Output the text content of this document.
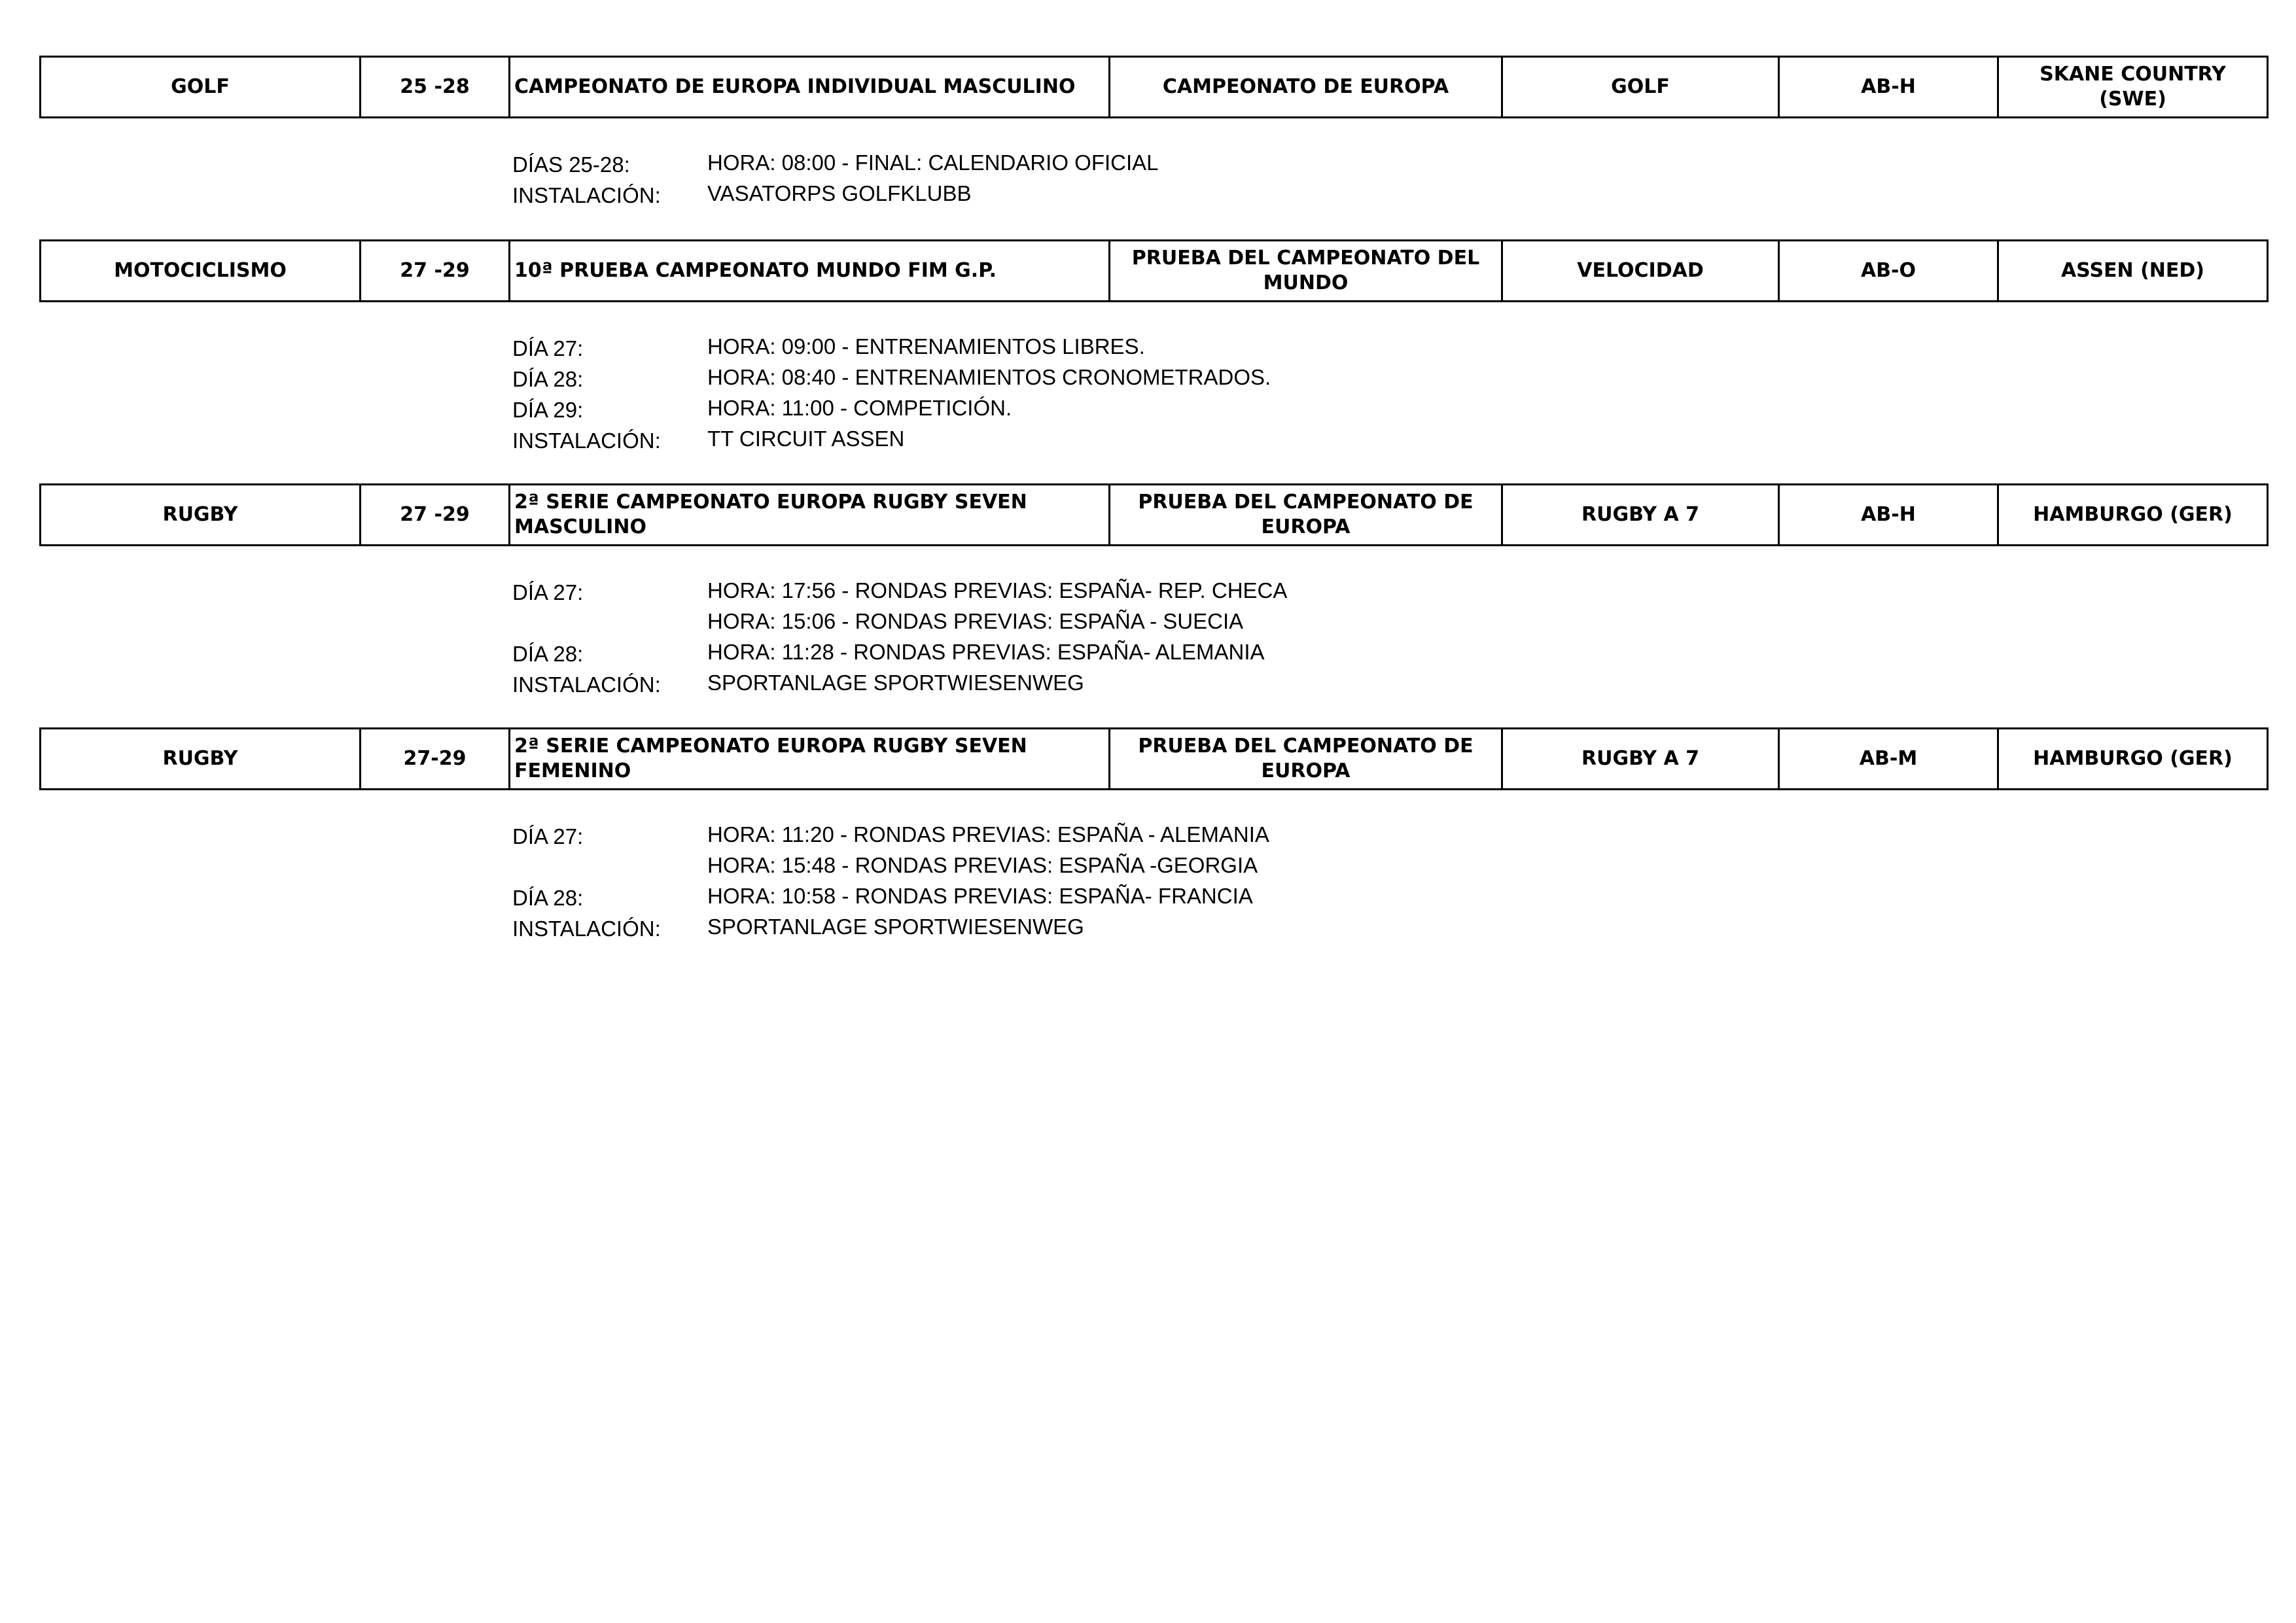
GOLF	25 -28	CAMPEONATO DE EUROPA INDIVIDUAL MASCULINO	CAMPEONATO DE EUROPA	GOLF	AB-H	SKANE COUNTRY (SWE)
DÍAS 25-28:	HORA: 08:00 - FINAL: CALENDARIO OFICIAL
INSTALACIÓN: VASATORPS GOLFKLUBB
MOTOCICLISMO	27 -29	10ª PRUEBA CAMPEONATO MUNDO FIM G.P.	PRUEBA DEL CAMPEONATO DEL MUNDO	VELOCIDAD	AB-O	ASSEN (NED)
DÍA 27:	HORA: 09:00 - ENTRENAMIENTOS LIBRES.
DÍA 28:	HORA: 08:40 - ENTRENAMIENTOS CRONOMETRADOS.
DÍA 29:	HORA: 11:00 - COMPETICIÓN.
INSTALACIÓN: TT CIRCUIT ASSEN
RUGBY	27 -29	2ª SERIE CAMPEONATO EUROPA RUGBY SEVEN MASCULINO	PRUEBA DEL CAMPEONATO DE EUROPA	RUGBY A 7	AB-H	HAMBURGO (GER)
DÍA 27:	HORA: 17:56 - RONDAS PREVIAS: ESPAÑA- REP. CHECA
HORA: 15:06 - RONDAS PREVIAS: ESPAÑA - SUECIA
DÍA 28:	HORA: 11:28 - RONDAS PREVIAS: ESPAÑA- ALEMANIA
INSTALACIÓN: SPORTANLAGE SPORTWIESENWEG
RUGBY	27-29	2ª SERIE CAMPEONATO EUROPA RUGBY SEVEN FEMENINO	PRUEBA DEL CAMPEONATO DE EUROPA	RUGBY A 7	AB-M	HAMBURGO (GER)
DÍA 27:	HORA: 11:20 - RONDAS PREVIAS: ESPAÑA - ALEMANIA
HORA: 15:48 - RONDAS PREVIAS: ESPAÑA -GEORGIA
DÍA 28:	HORA: 10:58 - RONDAS PREVIAS: ESPAÑA- FRANCIA
INSTALACIÓN: SPORTANLAGE SPORTWIESENWEG
